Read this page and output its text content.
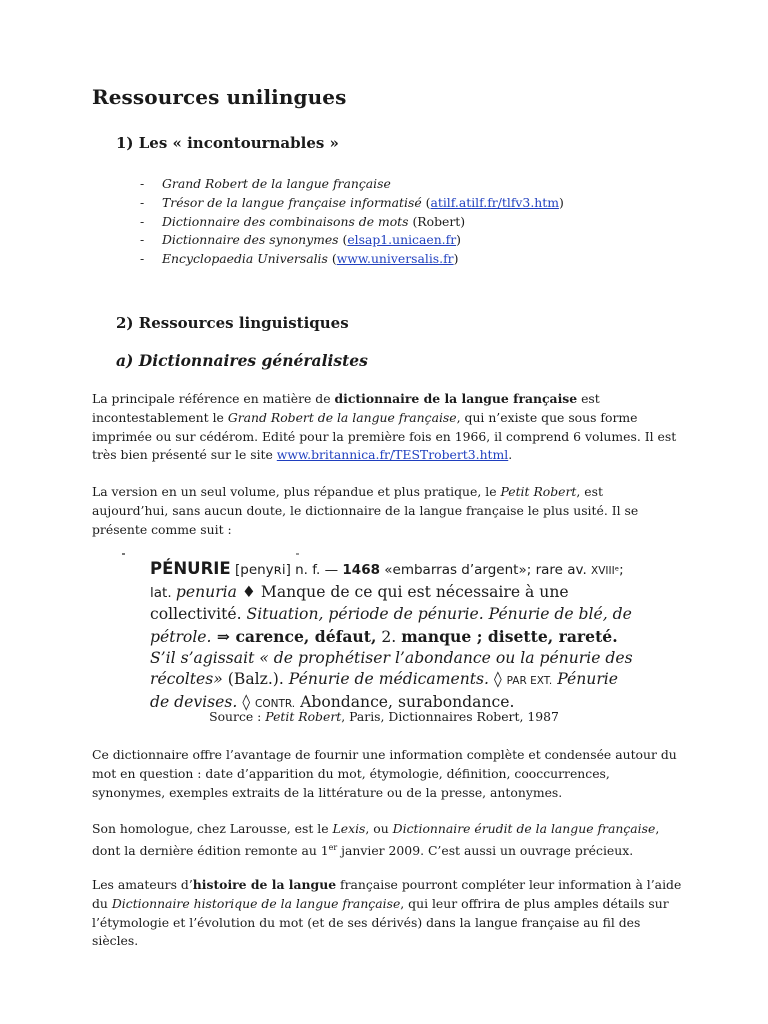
Ressources unilingues
1) Les « incontournables »
- Grand Robert de la langue française
- Trésor de la langue française informatisé (atilf.atilf.fr/tlfv3.htm)
- Dictionnaire des combinaisons de mots (Robert)
- Dictionnaire des synonymes (elsap1.unicaen.fr)
- Encyclopaedia Universalis (www.universalis.fr)
2) Ressources linguistiques
a) Dictionnaires généralistes

La principale référence en matière de dictionnaire de la langue française est incontestablement le Grand Robert de la langue française, qui n’existe que sous forme imprimée ou sur cédérom. Edité pour la première fois en 1966, il comprend 6 volumes. Il est très bien présenté sur le site www.britannica.fr/TESTrobert3.html.

La version en un seul volume, plus répandue et plus pratique, le Petit Robert, est aujourd’hui, sans aucun doute, le dictionnaire de la langue française le plus usité. Il se présente comme suit :

PÉNURIE [penyʀi] n. f. — 1468 «embarras d’argent»; rare av. XVIIIᵉ;
lat. penuria ♦ Manque de ce qui est nécessaire à une collectivité. Situation, période de pénurie. Pénurie de blé, de pétrole. ⇒ carence, défaut, 2. manque ; disette, rareté. S’il s’agissait « de prophétiser l’abondance ou la pénurie des récoltes» (Balz.). Pénurie de médicaments. ◊ PAR EXT. Pénurie de devises. ◊ CONTR. Abondance, surabondance.
Source : Petit Robert, Paris, Dictionnaires Robert, 1987

Ce dictionnaire offre l’avantage de fournir une information complète et condensée autour du mot en question : date d’apparition du mot, étymologie, définition, cooccurrences, synonymes, exemples extraits de la littérature ou de la presse, antonymes.

Son homologue, chez Larousse, est le Lexis, ou Dictionnaire érudit de la langue française, dont la dernière édition remonte au 1er janvier 2009. C’est aussi un ouvrage précieux.

Les amateurs d’histoire de la langue française pourront compléter leur information à l’aide du Dictionnaire historique de la langue française, qui leur offrira de plus amples détails sur l’étymologie et l’évolution du mot (et de ses dérivés) dans la langue française au fil des siècles.
